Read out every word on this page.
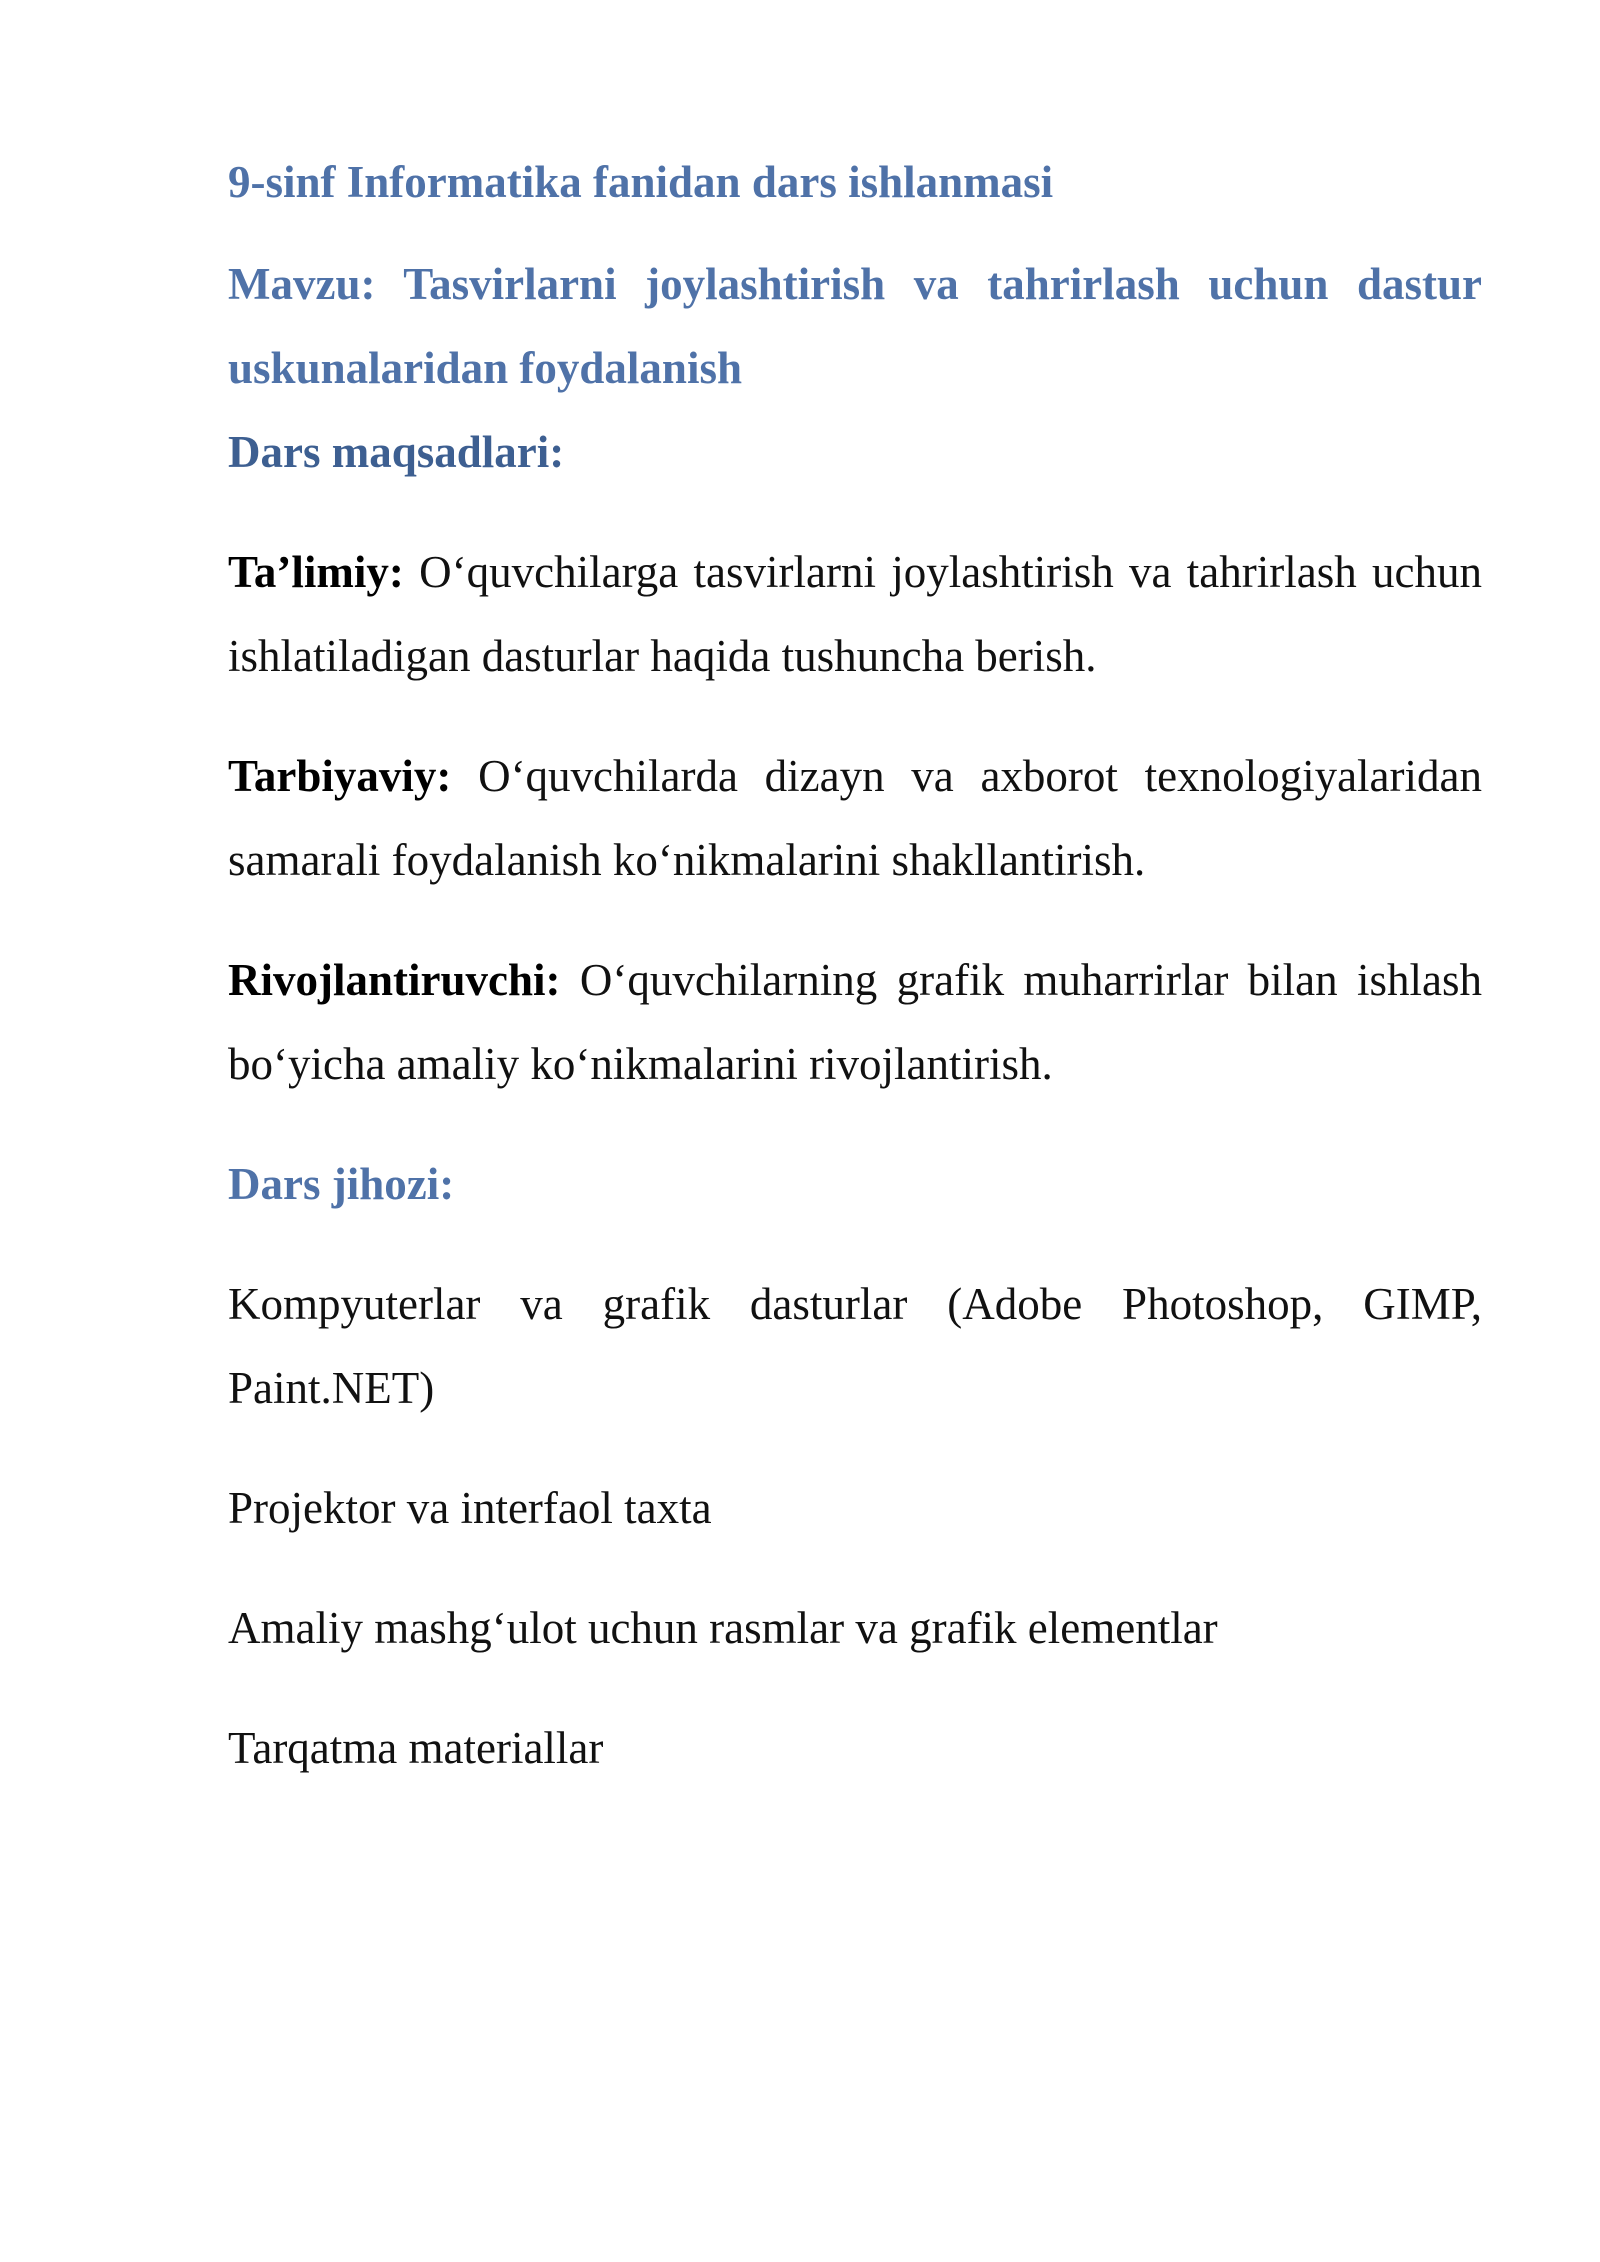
9-sinf Informatika fanidan dars ishlanmasi

Mavzu: Tasvirlarni joylashtirish va tahrirlash uchun dastur uskunalaridan foydalanish

Dars maqsadlari:

Ta’limiy: O‘quvchilarga tasvirlarni joylashtirish va tahrirlash uchun ishlatiladigan dasturlar haqida tushuncha berish.

Tarbiyaviy: O‘quvchilarda dizayn va axborot texnologiyalaridan samarali foydalanish ko‘nikmalarini shakllantirish.

Rivojlantiruvchi: O‘quvchilarning grafik muharrirlar bilan ishlash bo‘yicha amaliy ko‘nikmalarini rivojlantirish.

Dars jihozi:

Kompyuterlar va grafik dasturlar (Adobe Photoshop, GIMP, Paint.NET)

Projektor va interfaol taxta

Amaliy mashg‘ulot uchun rasmlar va grafik elementlar

Tarqatma materiallar
